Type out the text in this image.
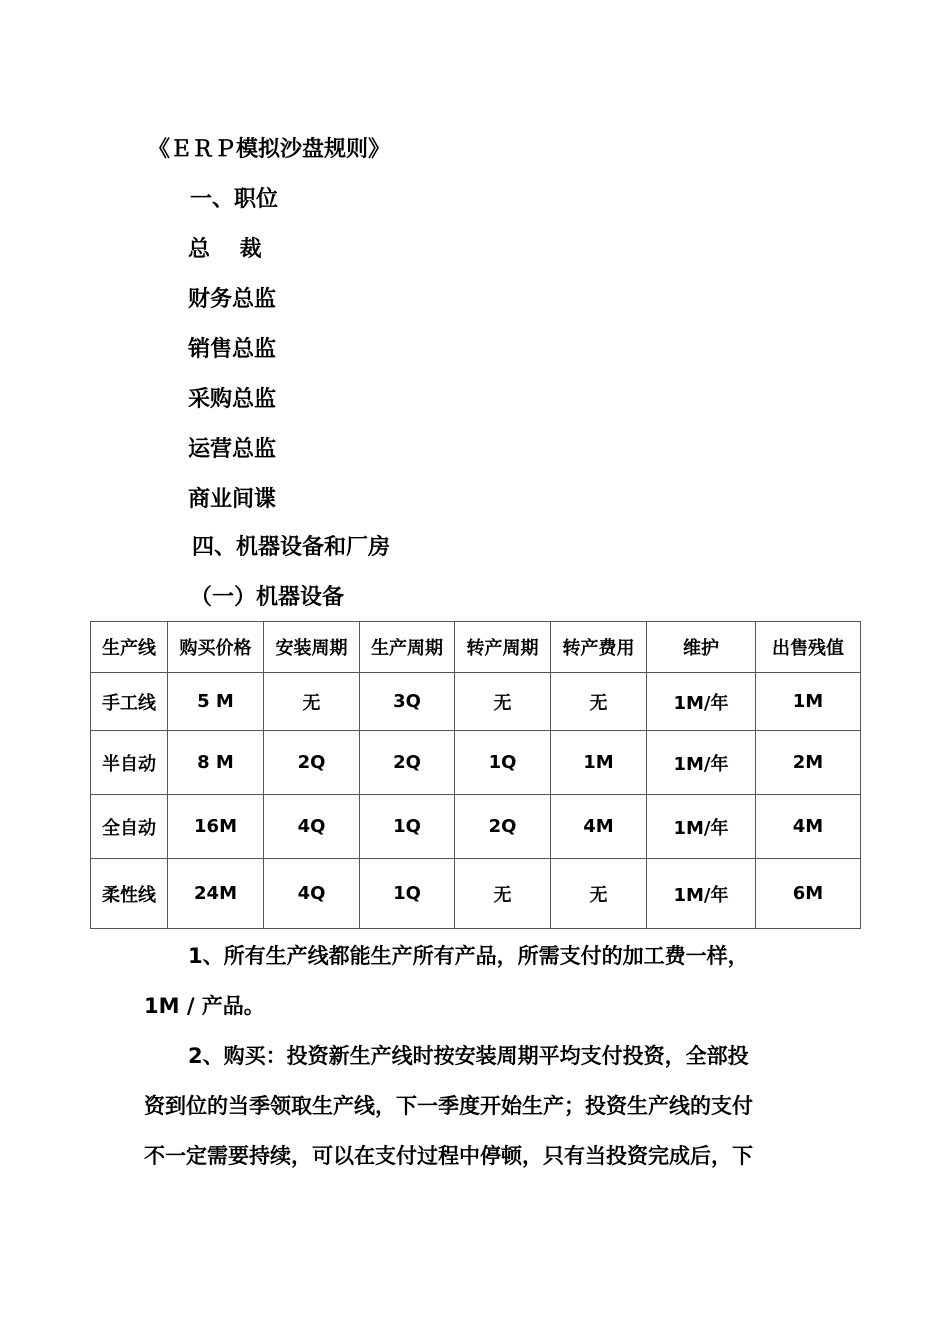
《ＥＲＰ模拟沙盘规则》
一、职位
总　 裁
财务总监
销售总监
采购总监
运营总监
商业间谍
四、机器设备和厂房
（一）机器设备
生产线	购买价格	安装周期	生产周期	转产周期	转产费用	维护	出售残值
手工线	5 M	无	3Q	无	无	1M/年	1M
半自动	8 M	2Q	2Q	1Q	1M	1M/年	2M
全自动	16M	4Q	1Q	2Q	4M	1M/年	4M
柔性线	24M	4Q	1Q	无	无	1M/年	6M
1、所有生产线都能生产所有产品，所需支付的加工费一样，
1M / 产品。
2、购买：投资新生产线时按安装周期平均支付投资，全部投
资到位的当季领取生产线，下一季度开始生产；投资生产线的支付
不一定需要持续，可以在支付过程中停顿，只有当投资完成后，下
